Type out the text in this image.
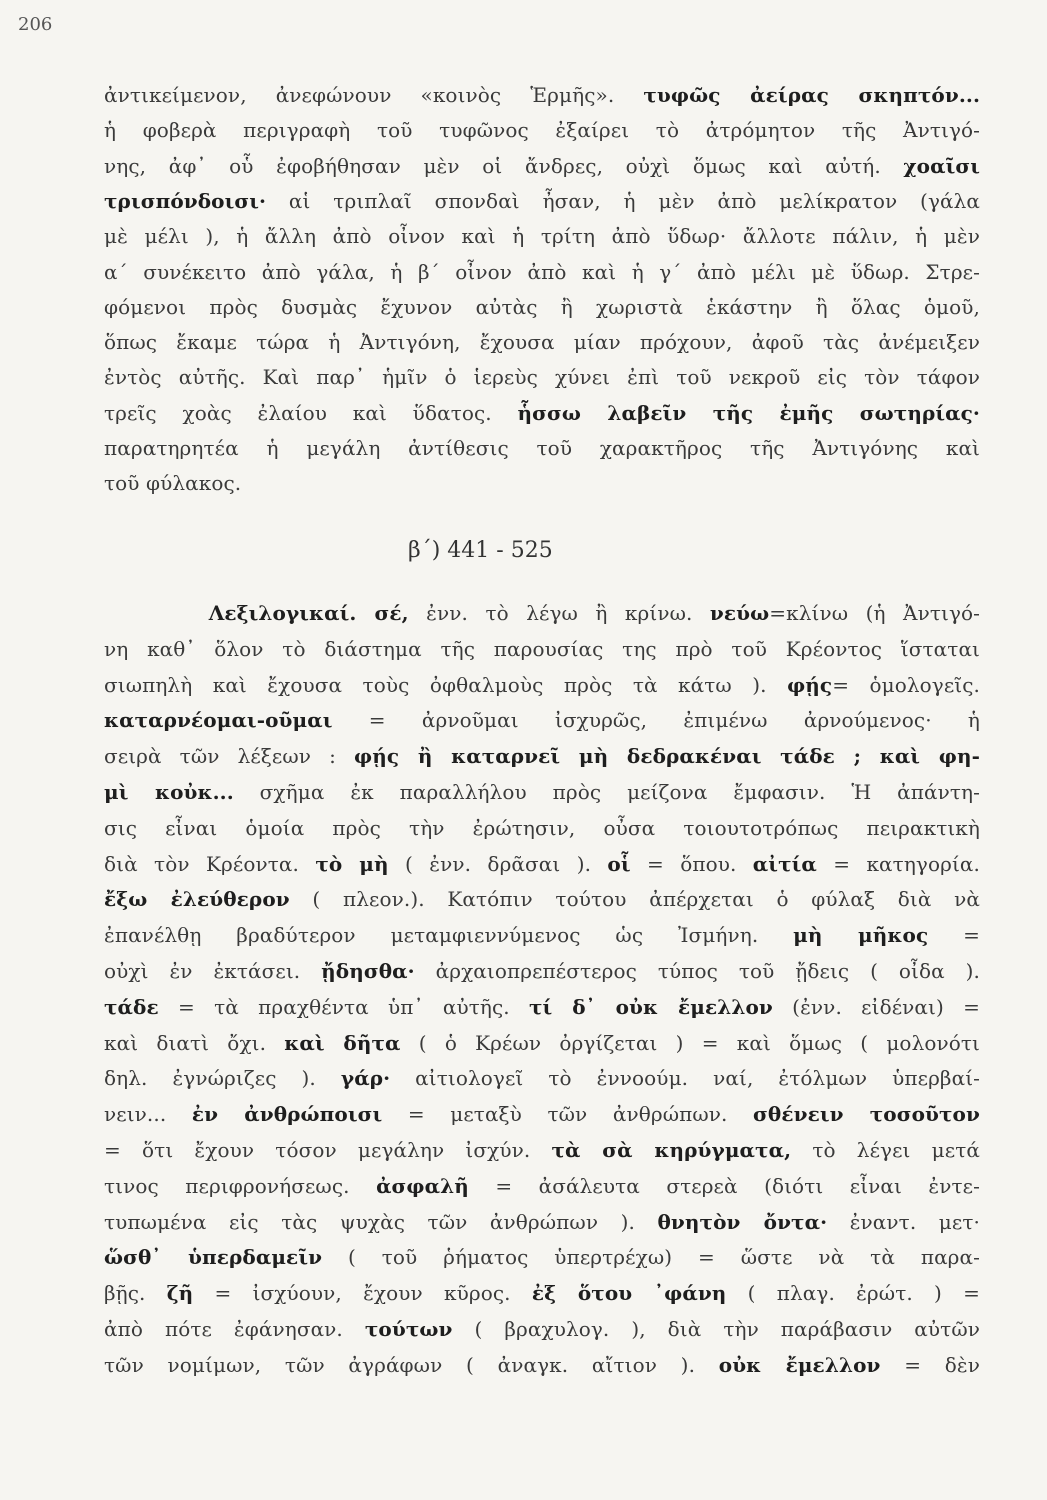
206
ἀντικείμενον, ἀνεφώνουν «κοινὸς Ἑρμῆς». τυφῶς ἀείρας σκηπτόν...
ἡ φοβερὰ περιγραφὴ τοῦ τυφῶνος ἐξαίρει τὸ ἀτρόμητον τῆς Ἀντιγό-
νης, ἀφ᾽ οὗ ἐφοβήθησαν μὲν οἱ ἄνδρες, οὐχὶ ὅμως καὶ αὐτή. χοαῖσι
τρισπόνδοισι· αἱ τριπλαῖ σπονδαὶ ἦσαν, ἡ μὲν ἀπὸ μελίκρατον (γάλα
μὲ μέλι ), ἡ ἄλλη ἀπὸ οἶνον καὶ ἡ τρίτη ἀπὸ ὕδωρ· ἄλλοτε πάλιν, ἡ μὲν
α΄ συνέκειτο ἀπὸ γάλα, ἡ β΄ οἶνον ἀπὸ καὶ ἡ γ΄ ἀπὸ μέλι μὲ ὕδωρ. Στρε-
φόμενοι πρὸς δυσμὰς ἔχυνον αὐτὰς ἢ χωριστὰ ἑκάστην ἢ ὅλας ὁμοῦ,
ὅπως ἔκαμε τώρα ἡ Ἀντιγόνη, ἔχουσα μίαν πρόχουν, ἀφοῦ τὰς ἀνέμειξεν
ἐντὸς αὐτῆς. Καὶ παρ᾽ ἡμῖν ὁ ἱερεὺς χύνει ἐπὶ τοῦ νεκροῦ εἰς τὸν τάφον
τρεῖς χοὰς ἐλαίου καὶ ὕδατος. ἧσσω λαβεῖν τῆς ἐμῆς σωτηρίας·
παρατηρητέα ἡ μεγάλη ἀντίθεσις τοῦ χαρακτῆρος τῆς Ἀντιγόνης καὶ
τοῦ φύλακος.
Λεξιλογικαί. σέ, ἐνν. τὸ λέγω ἢ κρίνω. νεύω=κλίνω (ἡ Ἀντιγό-
νη καθ᾽ ὅλον τὸ διάστημα τῆς παρουσίας της πρὸ τοῦ Κρέοντος ἵσταται
σιωπηλὴ καὶ ἔχουσα τοὺς ὀφθαλμοὺς πρὸς τὰ κάτω ). φῄς= ὁμολογεῖς.
καταρνέομαι-οῦμαι = ἀρνοῦμαι ἰσχυρῶς, ἐπιμένω ἀρνούμενος· ἡ
σειρὰ τῶν λέξεων : φῄς ἢ καταρνεῖ μὴ δεδρακέναι τάδε ; καὶ φη-
μὶ κοὐκ... σχῆμα ἐκ παραλλήλου πρὸς μείζονα ἔμφασιν. Ἡ ἀπάντη-
σις εἶναι ὁμοία πρὸς τὴν ἐρώτησιν, οὖσα τοιουτοτρόπως πειρακτικὴ
διὰ τὸν Κρέοντα. τὸ μὴ ( ἐνν. δρᾶσαι ). οἷ = ὅπου. αἰτία = κατηγορία.
ἔξω ἐλεύθερον ( πλεον.). Κατόπιν τούτου ἀπέρχεται ὁ φύλαξ διὰ νὰ
ἐπανέλθῃ βραδύτερον μεταμφιεννύμενος ὡς Ἰσμήνη. μὴ μῆκος =
οὐχὶ ἐν ἐκτάσει. ᾔδησθα· ἀρχαιοπρεπέστερος τύπος τοῦ ᾔδεις ( οἶδα ).
τάδε = τὰ πραχθέντα ὑπ᾽ αὐτῆς. τί δ᾽ οὐκ ἔμελλον (ἐνν. εἰδέναι) =
καὶ διατὶ ὄχι. καὶ δῆτα ( ὁ Κρέων ὀργίζεται ) = καὶ ὅμως ( μολονότι
δηλ. ἐγνώριζες ). γάρ· αἰτιολογεῖ τὸ ἐννοούμ. ναί, ἐτόλμων ὑπερβαί-
νειν... ἐν ἀνθρώποισι = μεταξὺ τῶν ἀνθρώπων. σθένειν τοσοῦτον
= ὅτι ἔχουν τόσον μεγάλην ἰσχύν. τὰ σὰ κηρύγματα, τὸ λέγει μετά
τινος περιφρονήσεως. ἀσφαλῆ = ἀσάλευτα στερεὰ (διότι εἶναι ἐντε-
τυπωμένα εἰς τὰς ψυχὰς τῶν ἀνθρώπων ). θνητὸν ὄντα· ἐναντ. μετ·
ὥσθ᾽ ὑπερδαμεῖν ( τοῦ ῥήματος ὑπερτρέχω) = ὥστε νὰ τὰ παρα-
βῇς. ζῆ = ἰσχύουν, ἔχουν κῦρος. ἐξ ὅτου ᾽φάνη ( πλαγ. ἐρώτ. ) =
ἀπὸ πότε ἐφάνησαν. τούτων ( βραχυλογ. ), διὰ τὴν παράβασιν αὐτῶν
τῶν νομίμων, τῶν ἀγράφων ( ἀναγκ. αἴτιον ). οὐκ ἔμελλον = δὲν
β΄) 441 - 525
